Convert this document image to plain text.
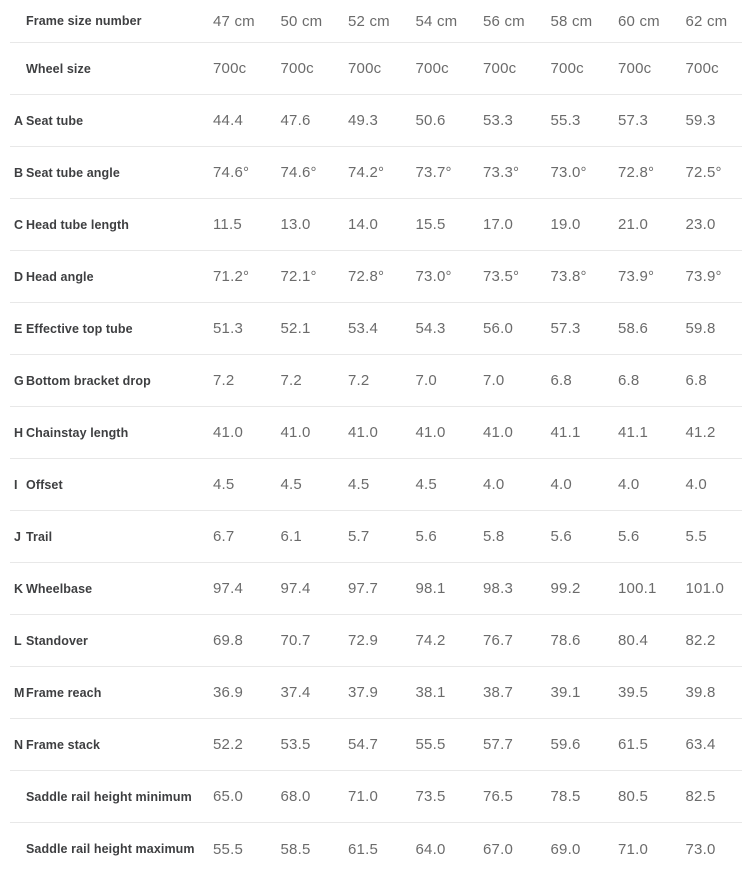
Frame size number	47 cm	50 cm	52 cm	54 cm	56 cm	58 cm	60 cm	62 cm
Wheel size	700c	700c	700c	700c	700c	700c	700c	700c
A Seat tube	44.4	47.6	49.3	50.6	53.3	55.3	57.3	59.3
B Seat tube angle	74.6°	74.6°	74.2°	73.7°	73.3°	73.0°	72.8°	72.5°
C Head tube length	11.5	13.0	14.0	15.5	17.0	19.0	21.0	23.0
D Head angle	71.2°	72.1°	72.8°	73.0°	73.5°	73.8°	73.9°	73.9°
E Effective top tube	51.3	52.1	53.4	54.3	56.0	57.3	58.6	59.8
G Bottom bracket drop	7.2	7.2	7.2	7.0	7.0	6.8	6.8	6.8
H Chainstay length	41.0	41.0	41.0	41.0	41.0	41.1	41.1	41.2
I Offset	4.5	4.5	4.5	4.5	4.0	4.0	4.0	4.0
J Trail	6.7	6.1	5.7	5.6	5.8	5.6	5.6	5.5
K Wheelbase	97.4	97.4	97.7	98.1	98.3	99.2	100.1	101.0
L Standover	69.8	70.7	72.9	74.2	76.7	78.6	80.4	82.2
M Frame reach	36.9	37.4	37.9	38.1	38.7	39.1	39.5	39.8
N Frame stack	52.2	53.5	54.7	55.5	57.7	59.6	61.5	63.4
Saddle rail height minimum	65.0	68.0	71.0	73.5	76.5	78.5	80.5	82.5
Saddle rail height maximum	55.5	58.5	61.5	64.0	67.0	69.0	71.0	73.0
